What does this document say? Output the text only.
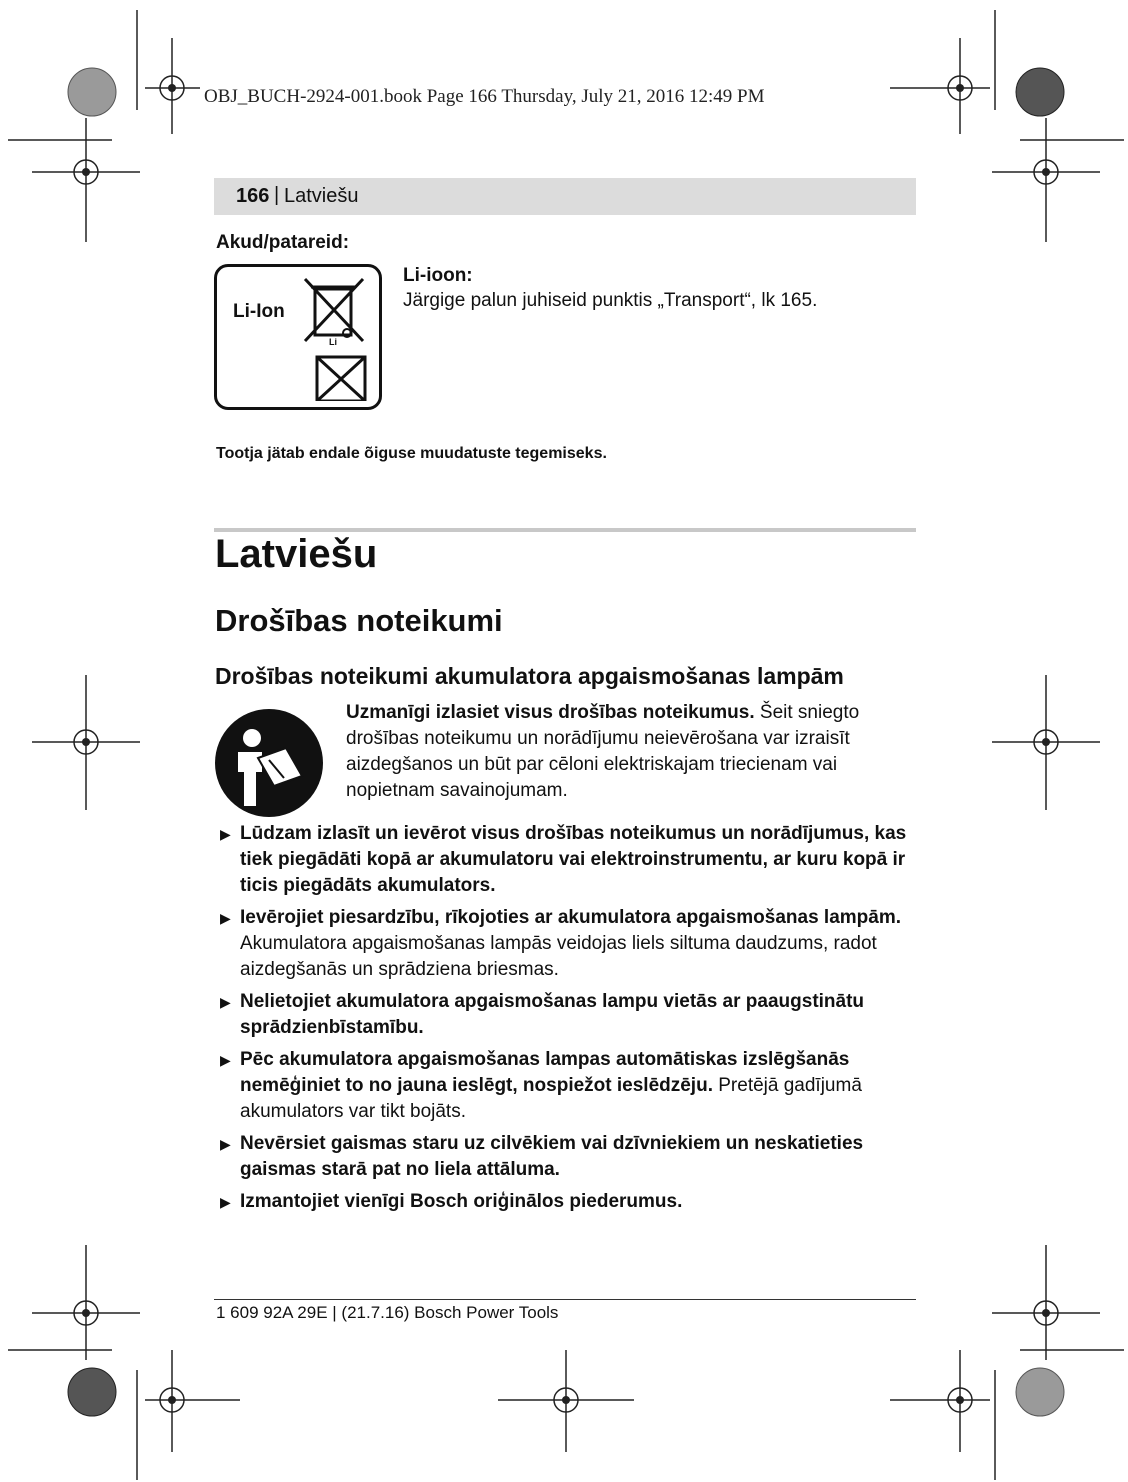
OBJ_BUCH-2924-001.book Page 166 Thursday, July 21, 2016 12:49 PM
166 | Latviešu
Akud/patareid:
Li-Ion
Li
Li-ioon:
Järgige palun juhiseid punktis „Transport“, lk 165.
Tootja jätab endale õiguse muudatuste tegemiseks.
Latviešu
Drošības noteikumi
Drošības noteikumi akumulatora apgaismošanas lampām
Uzmanīgi izlasiet visus drošības noteikumus. Šeit sniegto drošības noteikumu un norādījumu neievērošana var izraisīt aizdegšanos un būt par cēloni elektriskajam triecienam vai nopietnam savainojumam.
▶ Lūdzam izlasīt un ievērot visus drošības noteikumus un norādījumus, kas tiek piegādāti kopā ar akumulatoru vai elektroinstrumentu, ar kuru kopā ir ticis piegādāts akumulators.
▶ Ievērojiet piesardzību, rīkojoties ar akumulatora apgaismošanas lampām. Akumulatora apgaismošanas lampās veidojas liels siltuma daudzums, radot aizdegšanās un sprādziena briesmas.
▶ Nelietojiet akumulatora apgaismošanas lampu vietās ar paaugstinātu sprādzienbīstamību.
▶ Pēc akumulatora apgaismošanas lampas automātiskas izslēgšanās nemēģiniet to no jauna ieslēgt, nospiežot ieslēdzēju. Pretējā gadījumā akumulators var tikt bojāts.
▶ Nevērsiet gaismas staru uz cilvēkiem vai dzīvniekiem un neskatieties gaismas starā pat no liela attāluma.
▶ Izmantojiet vienīgi Bosch oriģinālos piederumus.
1 609 92A 29E | (21.7.16) Bosch Power Tools
